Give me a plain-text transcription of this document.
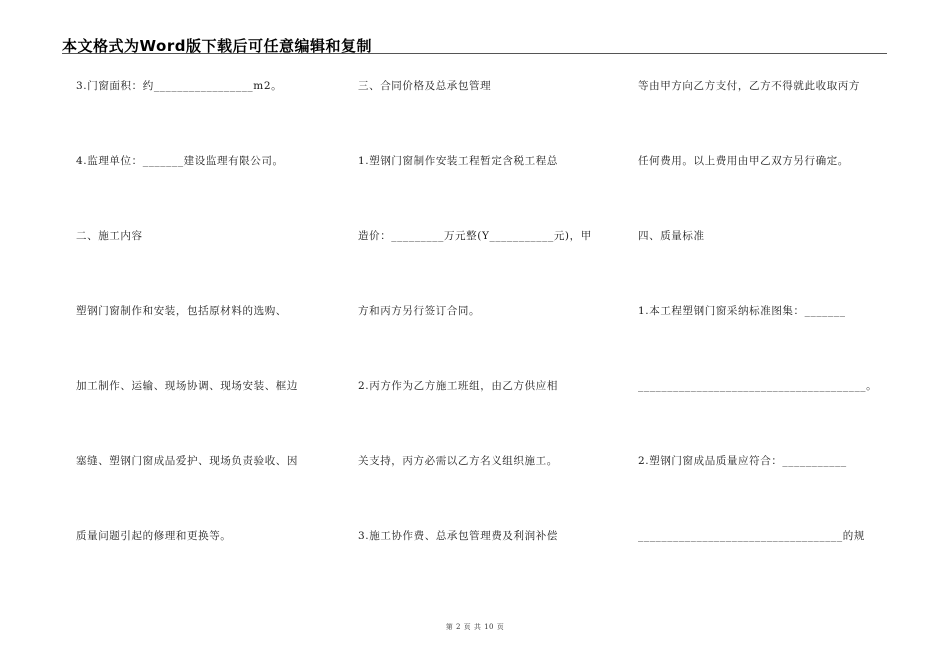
本文格式为Word版下载后可任意编辑和复制
3.门窗面积：约_________________m2。
4.监理单位：_______建设监理有限公司。
二、施工内容
塑钢门窗制作和安装，包括原材料的选购、
加工制作、运输、现场协调、现场安装、框边
塞缝、塑钢门窗成品爱护、现场负责验收、因
质量问题引起的修理和更换等。
三、合同价格及总承包管理
1.塑钢门窗制作安装工程暂定含税工程总
造价：_________万元整(Y___________元)，甲
方和丙方另行签订合同。
2.丙方作为乙方施工班组，由乙方供应相
关支持，丙方必需以乙方名义组织施工。
3.施工协作费、总承包管理费及利润补偿
等由甲方向乙方支付，乙方不得就此收取丙方
任何费用。以上费用由甲乙双方另行确定。
四、质量标准
1.本工程塑钢门窗采纳标准图集：_______
_______________________________________。
2.塑钢门窗成品质量应符合：___________
___________________________________的规
第 2 页 共 10 页
